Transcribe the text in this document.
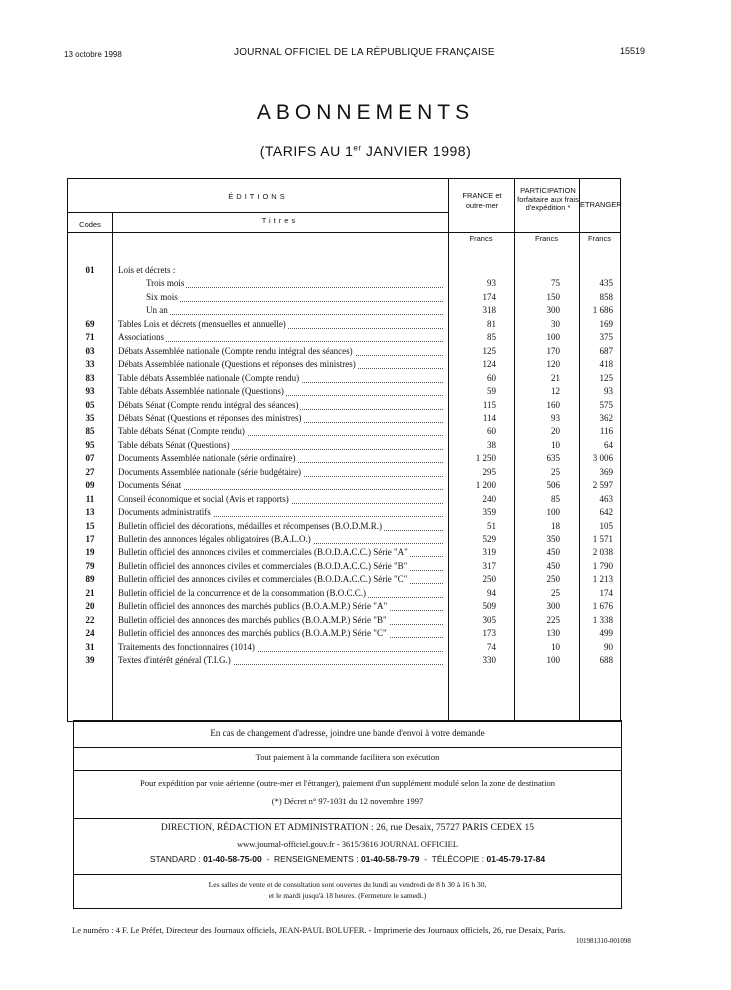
13 octobre 1998	JOURNAL OFFICIEL DE LA RÉPUBLIQUE FRANÇAISE	15519
ABONNEMENTS
(TARIFS AU 1er JANVIER 1998)
ÉDITIONS
Codes	Titres
FRANCE et outre-mer
PARTICIPATION forfaitaire aux frais d'expédition *	ETRANGER
Francs	Francs	Francs
01	Lois et décrets :
Trois mois	93	75	435
Six mois	174	150	858
Un an	318	300	1 686
69	Tables Lois et décrets (mensuelles et annuelle)	81	30	169
71	Associations	85	100	375
03	Débats Assemblée nationale (Compte rendu intégral des séances)	125	170	687
33	Débats Assemblée nationale (Questions et réponses des ministres)	124	120	418
83	Table débats Assemblée nationale (Compte rendu)	60	21	125
93	Table débats Assemblée nationale (Questions)	59	12	93
05	Débats Sénat (Compte rendu intégral des séances)	115	160	575
35	Débats Sénat (Questions et réponses des ministres)	114	93	362
85	Table débats Sénat (Compte rendu)	60	20	116
95	Table débats Sénat (Questions)	38	10	64
07	Documents Assemblée nationale (série ordinaire)	1 250	635	3 006
27	Documents Assemblée nationale (série budgétaire)	295	25	369
09	Documents Sénat	1 200	506	2 597
11	Conseil économique et social (Avis et rapports)	240	85	463
13	Documents administratifs	359	100	642
15	Bulletin officiel des décorations, médailles et récompenses (B.O.D.M.R.)	51	18	105
17	Bulletin des annonces légales obligatoires (B.A.L.O.)	529	350	1 571
19	Bulletin officiel des annonces civiles et commerciales (B.O.D.A.C.C.) Série "A"	319	450	2 038
79	Bulletin officiel des annonces civiles et commerciales (B.O.D.A.C.C.) Série "B"	317	450	1 790
89	Bulletin officiel des annonces civiles et commerciales (B.O.D.A.C.C.) Série "C"	250	250	1 213
21	Bulletin officiel de la concurrence et de la consommation (B.O.C.C.)	94	25	174
20	Bulletin officiel des annonces des marchés publics (B.O.A.M.P.) Série "A"	509	300	1 676
22	Bulletin officiel des annonces des marchés publics (B.O.A.M.P.) Série "B"	305	225	1 338
24	Bulletin officiel des annonces des marchés publics (B.O.A.M.P.) Série "C"	173	130	499
31	Traitements des fonctionnaires (1014)	74	10	90
39	Textes d'intérêt général (T.I.G.)	330	100	688
En cas de changement d'adresse, joindre une bande d'envoi à votre demande
Tout paiement à la commande facilitera son exécution
Pour expédition par voie aérienne (outre-mer et l'étranger), paiement d'un supplément modulé selon la zone de destination
(*) Décret n° 97-1031 du 12 novembre 1997
DIRECTION, RÉDACTION ET ADMINISTRATION : 26, rue Desaix, 75727 PARIS CEDEX 15
www.journal-officiel.gouv.fr - 3615/3616 JOURNAL OFFICIEL
STANDARD : 01-40-58-75-00  -  RENSEIGNEMENTS : 01-40-58-79-79  -  TÉLÉCOPIE : 01-45-79-17-84
Les salles de vente et de consultation sont ouvertes du lundi au vendredi de 8 h 30 à 16 h 30,
et le mardi jusqu'à 18 heures. (Fermeture le samedi.)
Le numéro : 4 F. Le Préfet, Directeur des Journaux officiels, JEAN-PAUL BOLUFER. - Imprimerie des Journaux officiels, 26, rue Desaix, Paris.
101981310-001098
